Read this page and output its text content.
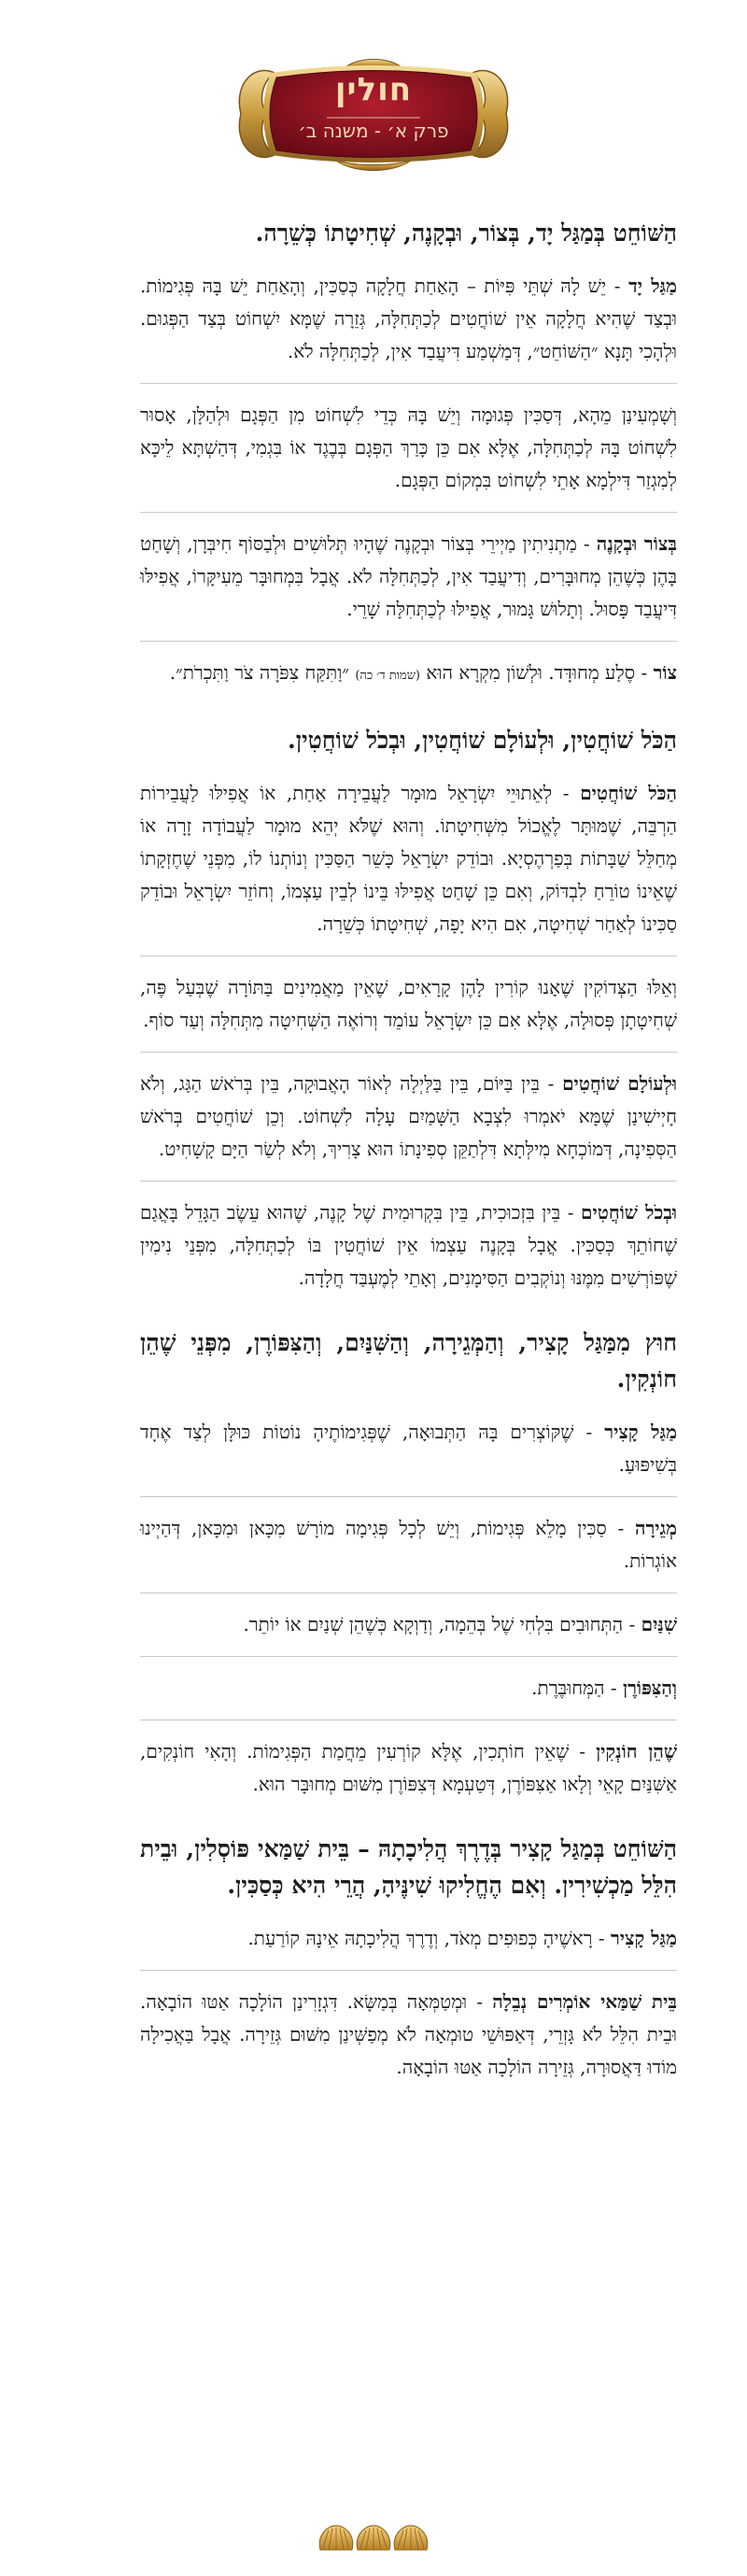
חולין
פרק א׳ - משנה ב׳
הַשּׁוֹחֵט בְּמַגַּל יָד, בְּצוֹר, וּבְקָנֶה, שְׁחִיטָתוֹ כְּשֵׁרָה.
מַגַּל יָד - יֵשׁ לָהּ שְׁתֵּי פִּיּוֹת – הָאַחַת חֲלָקָה כְּסַכִּין, וְהָאַחַת יֵשׁ בָּהּ פְּגִימוֹת. וּבְצַד שֶׁהִיא חֲלָקָה אֵין שׁוֹחֲטִים לְכַתְּחִלָּה, גְּזֵרָה שֶׁמָּא יִשְׁחוֹט בְּצַד הַפְּגוּם. וּלְהָכִי תָּנָא ״הַשּׁוֹחֵט״, דְּמַשְׁמַע דִּיעֲבַד אִין, לְכַתְּחִלָּה לֹא.
וְשָׁמְעִינַן מֵהָא, דְּסַכִּין פְּגוּמָה וְיֵשׁ בָּהּ כְּדֵי לִשְׁחוֹט מִן הַפְּגָם וּלְהַלָּן, אָסוּר לִשְׁחוֹט בָּהּ לְכַתְּחִלָּה, אֶלָּא אִם כֵּן כָּרַךְ הַפְּגָם בְּבֶגֶד אוֹ בִּגְמִי, דְּהַשְׁתָּא לֵיכָּא לְמִגְזַר דִּילְמָא אָתֵי לִשְׁחוֹט בִּמְקוֹם הַפְּגָם.
בְּצוֹר וּבְקָנֶה - מַתְנִיתִין מַיְירֵי בְּצוֹר וּבְקָנֶה שֶׁהָיוּ תְּלוּשִׁים וּלְבַסּוֹף חִיבְּרָן, וְשָׁחַט בָּהֶן כְּשֶׁהֵן מְחוּבָּרִים, וְדִיעֲבַד אִין, לְכַתְּחִלָּה לֹא. אֲבָל בִּמְחוּבָּר מֵעִיקָּרוֹ, אֲפִילּוּ דִּיעֲבַד פָּסוּל. וְתָלוּשׁ גָּמוּר, אֲפִילּוּ לְכַתְּחִלָּה שָׁרֵי.
צוֹר - סֶלַע מְחוּדָּד. וּלְשׁוֹן מִקְרָא הוּא (שמות ד׳ כה) ״וַתִּקַּח צִפֹּרָה צֹר וַתִּכְרֹת״.
הַכֹּל שׁוֹחֲטִין, וּלְעוֹלָם שׁוֹחֲטִין, וּבְכֹל שׁוֹחֲטִין.
הַכֹּל שׁוֹחֲטִים - לְאֵתוּיֵי יִשְׂרָאֵל מוּמָר לַעֲבֵירָה אַחַת, אוֹ אֲפִילּוּ לַעֲבֵירוֹת הַרְבֵּה, שֶׁמּוּתָּר לֶאֱכוֹל מִשְּׁחִיטָתוֹ. וְהוּא שֶׁלֹּא יְהֵא מוּמָר לַעֲבוֹדָה זָרָה אוֹ מְחַלֵּל שַׁבָּתוֹת בְּפַרְהֶסְיָא. וּבוֹדֵק יִשְׂרָאֵל כָּשֵׁר הַסַּכִּין וְנוֹתְנוֹ לוֹ, מִפְּנֵי שֶׁחֶזְקָתוֹ שֶׁאֵינוֹ טוֹרֵחַ לִבְדּוֹק, וְאִם כֵּן שָׁחַט אֲפִילּוּ בֵּינוֹ לְבֵין עַצְמוֹ, וְחוֹזֵר יִשְׂרָאֵל וּבוֹדֵק סַכִּינוֹ לְאַחַר שְׁחִיטָה, אִם הִיא יָפָה, שְׁחִיטָתוֹ כְּשֵׁרָה.
וְאֵלּוּ הַצְּדוֹקִין שֶׁאָנוּ קוֹרִין לָהֶן קָרָאִים, שֶׁאֵין מַאֲמִינִים בַּתּוֹרָה שֶׁבְּעַל פֶּה, שְׁחִיטָתָן פְּסוּלָה, אֶלָּא אִם כֵּן יִשְׂרָאֵל עוֹמֵד וְרוֹאֶה הַשְּׁחִיטָה מִתְּחִלָּה וְעַד סוֹף.
וּלְעוֹלָם שׁוֹחֲטִים - בֵּין בַּיּוֹם, בֵּין בַּלַּיְלָה לְאוֹר הָאֲבוּקָה, בֵּין בְּרֹאשׁ הַגַּג, וְלֹא חָיְישִׁינַן שֶׁמָּא יֹאמְרוּ לִצְבָא הַשָּׁמַיִם עָלָה לִשְׁחוֹט. וְכֵן שׁוֹחֲטִים בְּרֹאשׁ הַסְּפִינָה, דְּמוֹכְחָא מִילְּתָא דִּלְתַקֵּן סְפִינָתוֹ הוּא צָרִיךְ, וְלֹא לְשַׂר הַיָּם קָשָׁחִיט.
וּבְכֹל שׁוֹחֲטִים - בֵּין בִּזְכוּכִית, בֵּין בִּקְרוּמִית שֶׁל קָנֶה, שֶׁהוּא עֵשֶׂב הַגָּדֵל בָּאֲגַם שֶׁחוֹתֵךְ כְּסַכִּין. אֲבָל בְּקָנֶה עַצְמוֹ אֵין שׁוֹחֲטִין בּוֹ לְכַתְּחִלָּה, מִפְּנֵי נִימִין שֶׁפּוֹרְשִׁים מִמֶּנּוּ וְנוֹקְבִים הַסִּימָנִים, וְאָתֵי לְמֶעְבַּד חֲלָדָה.
חוּץ מִמַּגַּל קָצִיר, וְהַמְּגֵירָה, וְהַשִּׁנַּיִם, וְהַצִּפּוֹרֶן, מִפְּנֵי שֶׁהֵן חוֹנְקִין.
מַגַּל קָצִיר - שֶׁקּוֹצְרִים בָּהּ הַתְּבוּאָה, שֶׁפְּגִימוֹתֶיהָ נוֹטוֹת כּוּלָּן לְצַד אֶחָד בְּשִׁיפּוּעַ.
מְגֵירָה - סַכִּין מָלֵא פְּגִימוֹת, וְיֵשׁ לְכָל פְּגִימָה מוֹרָשׁ מִכָּאן וּמִכָּאן, דְּהַיְינוּ אוֹגְרוֹת.
שִׁנַּיִם - הַתְּחוּבִים בִּלְחִי שֶׁל בְּהֵמָה, וְדַוְקָא כְּשֶׁהֵן שְׁנַיִם אוֹ יוֹתֵר.
וְהַצִּפּוֹרֶן - הַמְּחוּבֶּרֶת.
שֶׁהֵן חוֹנְקִין - שֶׁאֵין חוֹתְכִין, אֶלָּא קוֹרְעִין מֵחֲמַת הַפְּגִימוֹת. וְהָאִי חוֹנְקִים, אַשִּׁנַּיִם קָאֵי וְלָאו אַצִּפּוֹרֶן, דְּטַעְמָא דְּצִפּוֹרֶן מִשּׁוּם מְחוּבָּר הוּא.
הַשּׁוֹחֵט בְּמַגַּל קָצִיר בְּדֶרֶךְ הֲלִיכָתָהּ – בֵּית שַׁמַּאי פּוֹסְלִין, וּבֵית הִלֵּל מַכְשִׁירִין. וְאִם הֶחֱלִיקוּ שִׁינֶּיהָ, הֲרֵי הִיא כְּסַכִּין.
מַגַּל קָצִיר - רָאשֶׁיהָ כְּפוּפִים מְאֹד, וְדֶרֶךְ הֲלִיכָתָהּ אֵינָהּ קוֹרַעַת.
בֵּית שַׁמַּאי אוֹמְרִים נְבֵלָה - וּמְטַמְּאָה בְּמַשָּׂא. דִּגְזָרִינַן הוֹלָכָה אַטּוּ הוֹבָאָה. וּבֵית הִלֵּל לֹא גָּזְרֵי, דְּאַפּוּשֵׁי טוּמְאָה לֹא מְפַשְּׁינַן מִשּׁוּם גְּזֵירָה. אֲבָל בַּאֲכִילָה מוֹדוּ דַּאֲסוּרָה, גְּזֵירָה הוֹלָכָה אַטּוּ הוֹבָאָה.
